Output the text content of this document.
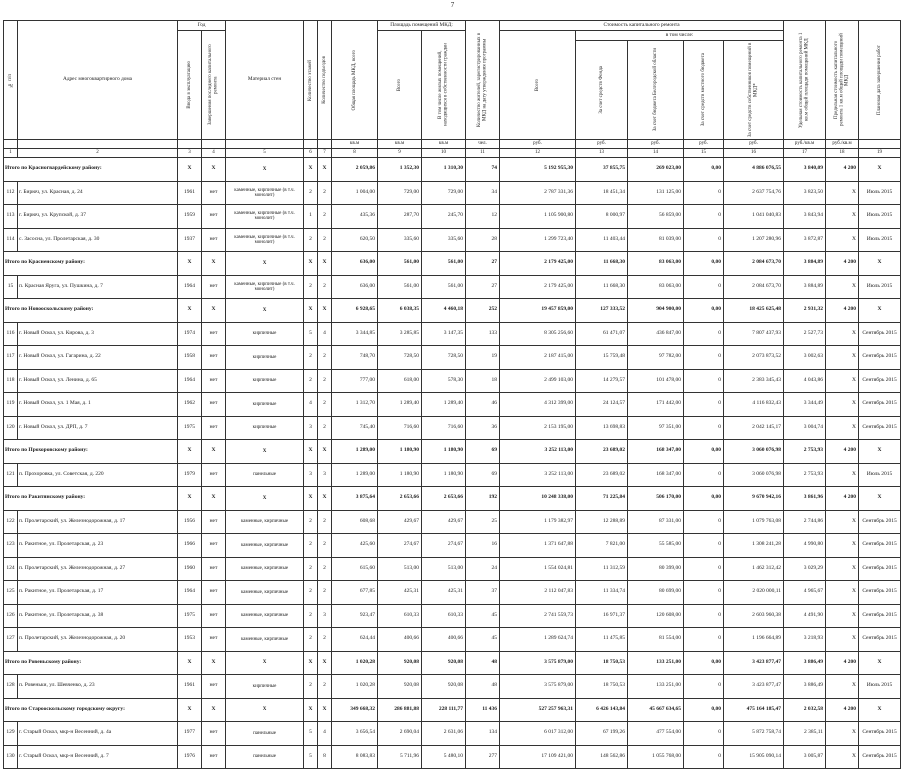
7
№ п/п	Адрес многоквартирного дома	Год		Материал стен	Количество этажей	Количество подъездов	Общая площадь МКД, всего	Площадь помещений МКД:		Количество жителей, зарегистрированных в МКД на дату утверждения программы	Стоимость капитального ремонта					Удельная стоимость капитального ремонта 1 кв.м общей площади помещений МКД	Предельная стоимость капитального ремонта 1 кв.м общей площади помещений МКД	Плановая дата завершения работ

		Ввода в эксплуатацию	Завершения последнего капитального ремонта					Всего	В том числе жилых помещений, находящихся в собственности граждан		Всего	в том числе:						

												За счет средств Фонда	За счет бюджета Белгородской области	За счет средств местного бюджета	За счет средств собственников помещений в МКД*			

							кв.м	кв.м	кв.м	чел.	руб.	руб.	руб.	руб.	руб.	руб./кв.м	руб./кв.м	
1	2	3	4	5	6	7	8	9	10	11	12	13	14	15	16	17	18	19
Итого по Красногвардейскому району:		X	X	X	X	X	2 059,86	1 352,30	1 310,30	74	5 192 955,30	37 855,75	269 023,00	0,00	4 886 076,55	3 840,09	4 200	X
112	г. Бирюч, ул. Красная, д. 24	1961	нет	каменные, кирпичные (в т.ч. монолит)	2	2	1 004,00	729,00	729,00	34	2 787 331,36	18 451,34	131 125,00	0	2 637 754,76	3 823,50	X	Июль 2015
113	г. Бирюч, ул. Крупской, д. 37	1959	нет	каменные, кирпичные (в т.ч. монолит)	1	2	435,36	287,70	245,70	12	1 105 900,80	8 000,97	56 859,00	0	1 041 040,83	3 843,94	X	Июль 2015
114	с. Засосна, ул. Пролетарская, д. 30	1937	нет	каменные, кирпичные (в т.ч. монолит)	2	2	620,50	335,60	335,60	28	1 299 723,40	11 403,44	81 039,00	0	1 207 280,96	3 872,87	X	Июль 2015
Итого по Красненскому району:		X	X	X	X	X	636,00	561,00	561,00	27	2 179 425,00	11 668,30	83 063,00	0,00	2 084 673,70	3 884,89	4 200	X
15	п. Красная Яруга, ул. Пушкина, д. 7	1964	нет	каменные, кирпичные (в т.ч. монолит)	2	2	636,00	561,00	561,00	27	2 179 425,00	11 668,30	83 063,00	0	2 084 673,70	3 884,89	X	Июль 2015
Итого по Новооскольскому району:		X	X	X	X	X	6 928,65	6 038,35	4 460,18	252	19 457 859,00	127 333,52	904 900,00	0,00	18 425 625,48	2 931,32	4 200	X
116	г. Новый Оскол, ул. Кирова, д. 3	1974	нет	кирпичные	5	4	3 344,85	3 285,85	3 147,35	133	8 305 256,60	61 471,07	436 847,00	0	7 807 437,93	2 527,73	X	Сентябрь 2015
117	г. Новый Оскол, ул. Гагарина, д. 22	1958	нет	кирпичные	2	2	748,70	728,50	728,50	19	2 187 415,00	15 759,48	97 782,00	0	2 073 873,52	3 002,63	X	Сентябрь 2015
118	г. Новый Оскол, ул. Ленина, д. 65	1964	нет	кирпичные	2	2	777,00	618,00	578,30	18	2 499 103,00	14 279,57	101 478,00	0	2 383 345,43	4 043,86	X	Сентябрь 2015
119	г. Новый Оскол, ул. 1 Мая, д. 1	1962	нет	кирпичные	4	2	1 312,70	1 289,40	1 289,40	46	4 312 399,00	24 124,57	171 442,00	0	4 116 832,43	3 344,49	X	Сентябрь 2015
120	г. Новый Оскол, ул. ДРП, д. 7	1975	нет	кирпичные	3	2	745,40	716,60	716,60	36	2 153 195,00	13 698,83	97 351,00	0	2 042 145,17	3 004,74	X	Сентябрь 2015
Итого по Прохоровскому району:		X	X	X	X	X	1 289,00	1 180,90	1 180,90	69	3 252 113,00	23 689,02	168 347,00	0,00	3 060 076,98	2 753,93	4 200	X
121	п. Прохоровка, ул. Советская, д. 220	1979	нет	панельные	3	3	1 289,00	1 180,90	1 180,90	69	3 252 113,00	23 689,02	168 347,00	0	3 060 076,98	2 753,93	X	Июль 2015
Итого по Ракитянскому району:		X	X	X	X	X	3 875,64	2 653,66	2 653,66	192	10 248 338,00	71 225,84	506 170,00	0,00	9 670 942,16	3 861,96	4 200	X
122	п. Пролетарский, ул. Железнодорожная, д. 17	1956	нет	каменные, кирпичные	2	2	608,68	429,67	429,67	25	1 179 382,97	12 288,89	87 331,00	0	1 079 763,08	2 744,86	X	Сентябрь 2015
123	п. Ракитное, ул. Пролетарская, д. 23	1966	нет	каменные, кирпичные	2	2	425,60	274,67	274,67	16	1 371 647,88	7 821,00	55 585,00	0	1 308 241,28	4 990,80	X	Сентябрь 2015
124	п. Пролетарский, ул. Железнодорожная, д. 27	1960	нет	каменные, кирпичные	2	2	615,60	513,00	513,00	24	1 554 024,81	11 312,59	80 399,00	0	1 462 312,42	3 029,29	X	Сентябрь 2015
125	п. Ракитное, ул. Пролетарская, д. 17	1964	нет	каменные, кирпичные	2	2	677,85	425,31	425,31	37	2 112 047,83	11 334,74	80 699,00	0	2 020 000,11	4 965,67	X	Сентябрь 2015
126	п. Ракитное, ул. Пролетарская, д. 38	1975	нет	каменные, кирпичные	2	3	923,47	610,33	610,33	45	2 741 559,73	16 971,37	120 608,00	0	2 603 960,38	4 491,90	X	Сентябрь 2015
127	п. Пролетарский, ул. Железнодорожная, д. 20	1953	нет	каменные, кирпичные	2	2	624,44	400,66	400,66	45	1 289 624,74	11 475,85	81 554,00	0	1 196 664,89	3 218,93	X	Сентябрь 2015
Итого по Ровеньскому району:		X	X	X	X	X	1 020,28	920,08	920,08	48	3 575 879,00	18 750,53	133 251,00	0,00	3 423 877,47	3 886,49	4 200	X
128	п. Ровеньки, ул. Шевченко, д. 23	1961	нет	кирпичные	2	2	1 020,28	920,08	920,08	48	3 575 879,00	18 750,53	133 251,00	0	3 423 877,47	3 886,49	X	Июль 2015
Итого по Старооскольскому городскому округу:		X	X	X	X	X	349 668,32	286 881,88	228 111,77	11 436	527 257 963,31	6 426 143,84	45 667 634,65	0,00	475 164 185,47	2 032,58	4 200	X
129	г. Старый Оскол, мкр-н Весенний, д. 4а	1977	нет	панельные	5	4	3 656,54	2 690,04	2 631,06	134	6 017 312,00	67 199,26	477 554,00	0	5 872 758,74	2 385,11	X	Сентябрь 2015
130	г. Старый Оскол, мкр-н Весенний, д. 7	1976	нет	панельные	5	8	8 083,83	5 711,96	5 480,10	277	17 109 421,00	148 562,86	1 055 768,00	0	15 905 090,14	3 005,87	X	Сентябрь 2015
